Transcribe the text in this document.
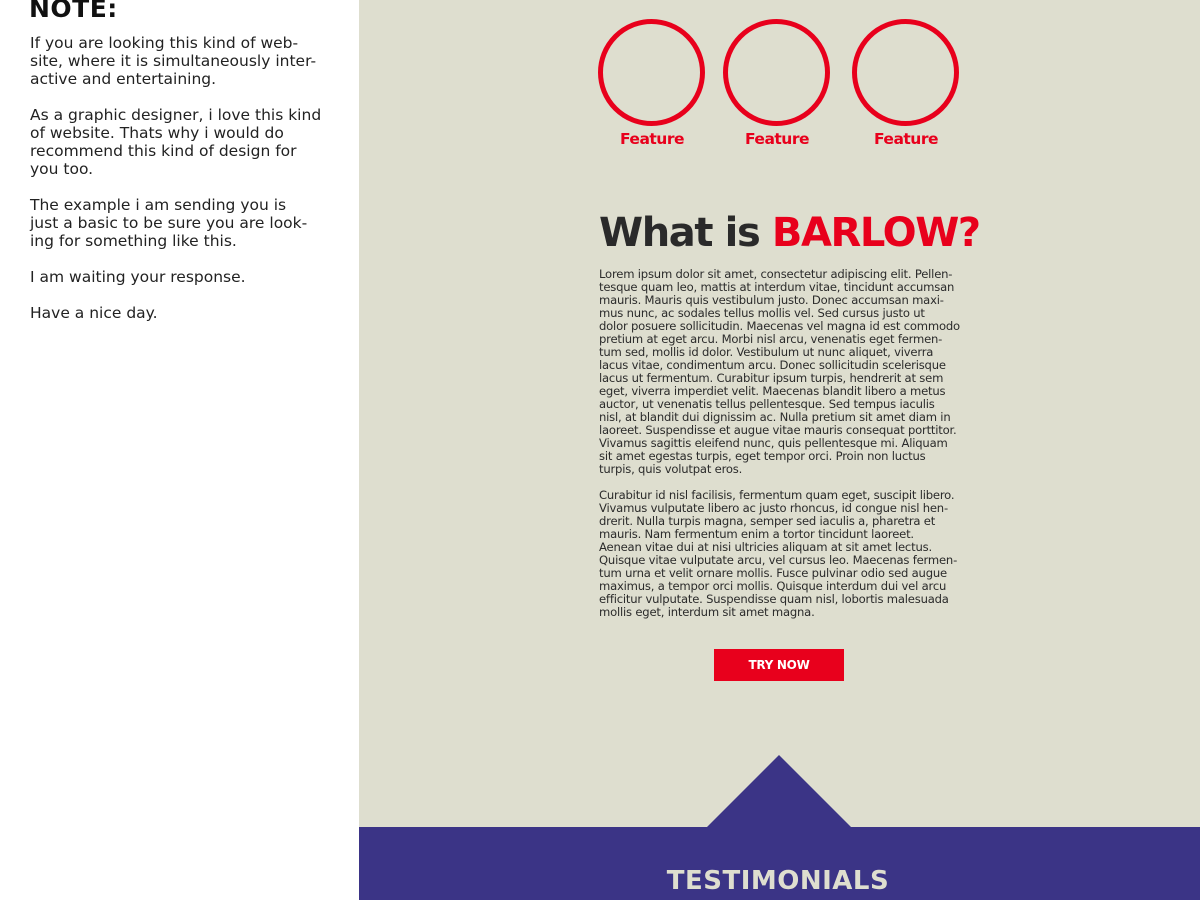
NOTE:

If you are looking this kind of web-
site, where it is simultaneously inter-
active and entertaining.

As a graphic designer, i love this kind
of website. Thats why i would do
recommend this kind of design for
you too.

The example i am sending you is
just a basic to be sure you are look-
ing for something like this.

I am waiting your response.

Have a nice day.

Feature	Feature	Feature
What is BARLOW?

Lorem ipsum dolor sit amet, consectetur adipiscing elit. Pellen-
tesque quam leo, mattis at interdum vitae, tincidunt accumsan
mauris. Mauris quis vestibulum justo. Donec accumsan maxi-
mus nunc, ac sodales tellus mollis vel. Sed cursus justo ut
dolor posuere sollicitudin. Maecenas vel magna id est commodo
pretium at eget arcu. Morbi nisl arcu, venenatis eget fermen-
tum sed, mollis id dolor. Vestibulum ut nunc aliquet, viverra
lacus vitae, condimentum arcu. Donec sollicitudin scelerisque
lacus ut fermentum. Curabitur ipsum turpis, hendrerit at sem
eget, viverra imperdiet velit. Maecenas blandit libero a metus
auctor, ut venenatis tellus pellentesque. Sed tempus iaculis
nisl, at blandit dui dignissim ac. Nulla pretium sit amet diam in
laoreet. Suspendisse et augue vitae mauris consequat porttitor.
Vivamus sagittis eleifend nunc, quis pellentesque mi. Aliquam
sit amet egestas turpis, eget tempor orci. Proin non luctus
turpis, quis volutpat eros.

Curabitur id nisl facilisis, fermentum quam eget, suscipit libero.
Vivamus vulputate libero ac justo rhoncus, id congue nisl hen-
drerit. Nulla turpis magna, semper sed iaculis a, pharetra et
mauris. Nam fermentum enim a tortor tincidunt laoreet.
Aenean vitae dui at nisi ultricies aliquam at sit amet lectus.
Quisque vitae vulputate arcu, vel cursus leo. Maecenas fermen-
tum urna et velit ornare mollis. Fusce pulvinar odio sed augue
maximus, a tempor orci mollis. Quisque interdum dui vel arcu
efficitur vulputate. Suspendisse quam nisl, lobortis malesuada
mollis eget, interdum sit amet magna.

TRY NOW
TESTIMONIALS
